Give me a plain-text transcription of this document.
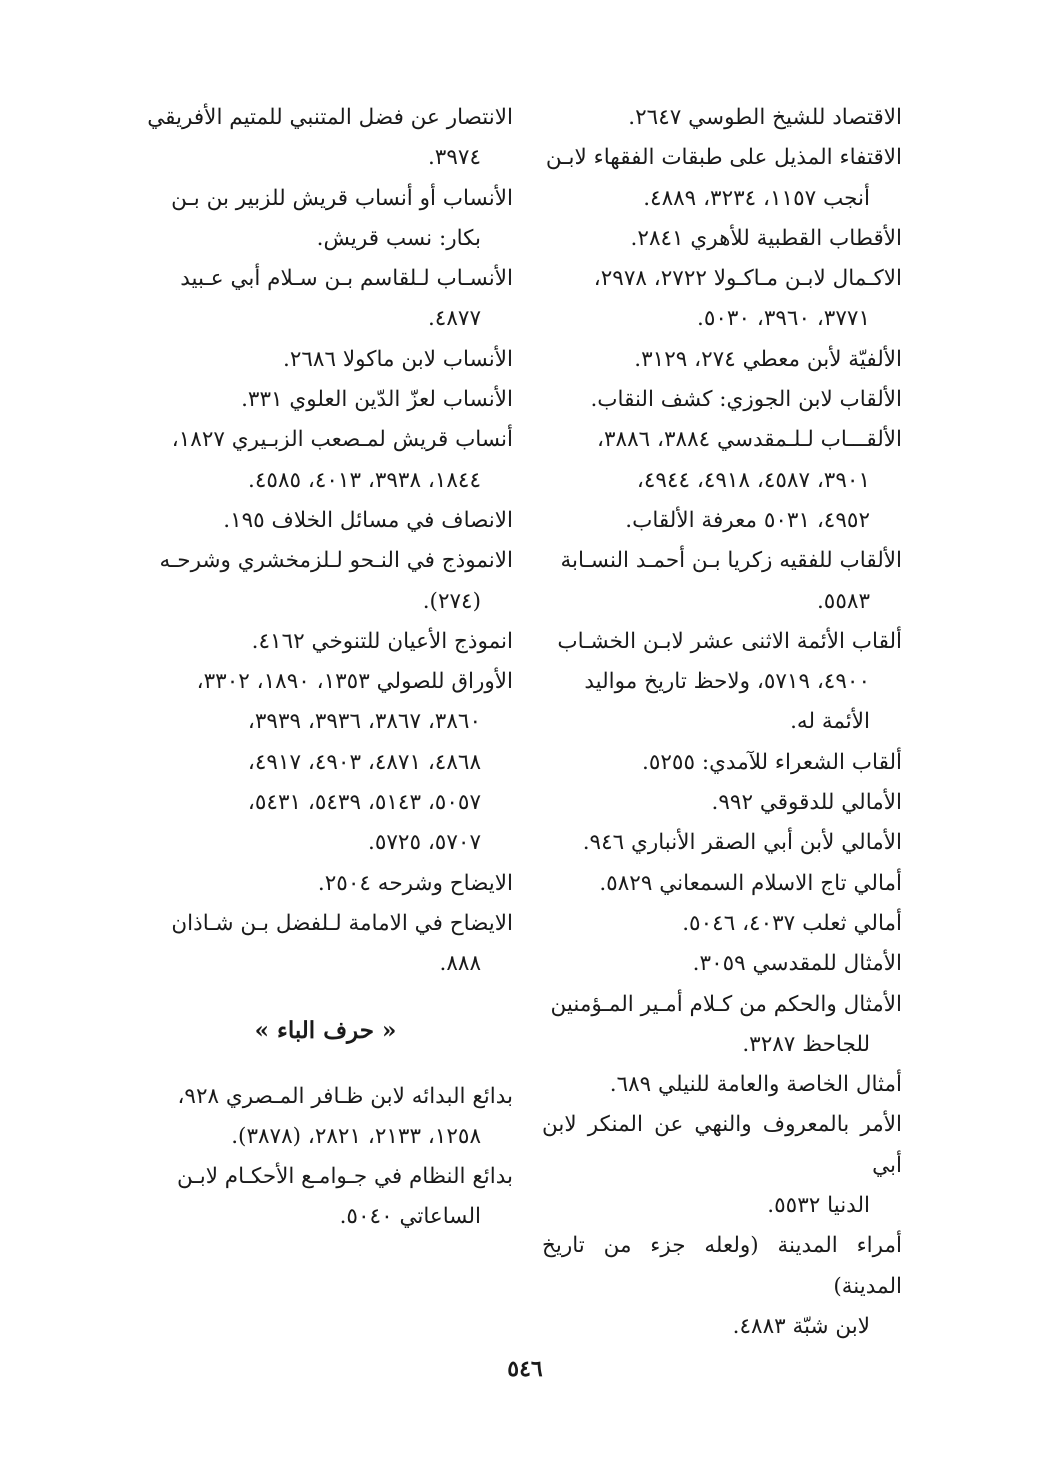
الاقتصاد للشيخ الطوسي ٢٦٤٧.
الاقتفاء المذيل على طبقات الفقهاء لابـن
أنجب ١١٥٧، ٣٢٣٤، ٤٨٨٩.
الأقطاب القطبية للأهري ٢٨٤١.
الاكـمال لابـن مـاكـولا ٢٧٢٢، ٢٩٧٨،
٣٧٧١، ٣٩٦٠، ٥٠٣٠.
الألفيّة لأبن معطي ٢٧٤، ٣١٢٩.
الألقاب لابن الجوزي: كشف النقاب.
الألقـــاب لـلـمقدسي ٣٨٨٤، ٣٨٨٦،
٣٩٠١، ٤٥٨٧، ٤٩١٨، ٤٩٤٤،
٤٩٥٢، ٥٠٣١ معرفة الألقاب.
الألقاب للفقيه زكريا بـن أحمـد النسـابة
٥٥٨٣.
ألقاب الأئمة الاثنى عشر لابـن الخشـاب
٤٩٠٠، ٥٧١٩، ولاحظ تاريخ مواليد
الأئمة له.
ألقاب الشعراء للآمدي: ٥٢٥٥.
الأمالي للدقوقي ٩٩٢.
الأمالي لأبن أبي الصقر الأنباري ٩٤٦.
أمالي تاج الاسلام السمعاني ٥٨٢٩.
أمالي ثعلب ٤٠٣٧، ٥٠٤٦.
الأمثال للمقدسي ٣٠٥٩.
الأمثال والحكم من كـلام أمـير المـؤمنين
للجاحظ ٣٢٨٧.
أمثال الخاصة والعامة للنيلي ٦٨٩.
الأمر بالمعروف والنهي عن المنكر لابن أبي
الدنيا ٥٥٣٢.
أمراء المدينة (ولعله جزء من تاريخ المدينة)
لابن شبّة ٤٨٨٣.
الانتصار عن فضل المتنبي للمتيم الأفريقي
٣٩٧٤.
الأنساب أو أنساب قريش للزبير بن بـن
بكار: نسب قريش.
الأنسـاب لـلقاسم بـن سـلام أبي عـبيد
٤٨٧٧.
الأنساب لابن ماكولا ٢٦٨٦.
الأنساب لعزّ الدّين العلوي ٣٣١.
أنساب قريش لمـصعب الزبـيري ١٨٢٧،
١٨٤٤، ٣٩٣٨، ٤٠١٣، ٤٥٨٥.
الانصاف في مسائل الخلاف ١٩٥.
الانموذج في النـحو لـلزمخشري وشرحـه
(٢٧٤).
انموذج الأعيان للتنوخي ٤١٦٢.
الأوراق للصولي ١٣٥٣، ١٨٩٠، ٣٣٠٢،
٣٨٦٠، ٣٨٦٧، ٣٩٣٦، ٣٩٣٩،
٤٨٦٨، ٤٨٧١، ٤٩٠٣، ٤٩١٧،
٥٠٥٧، ٥١٤٣، ٥٤٣٩، ٥٤٣١،
٥٧٠٧، ٥٧٢٥.
الايضاح وشرحه ٢٥٠٤.
الايضاح في الامامة لـلفضل بـن شـاذان
٨٨٨.
« حرف الباء »
بدائع البدائه لابن ظـافر المـصري ٩٢٨،
١٢٥٨، ٢١٣٣، ٢٨٢١، (٣٨٧٨).
بدائع النظام في جـوامـع الأحكـام لابـن
الساعاتي ٥٠٤٠.
٥٤٦
